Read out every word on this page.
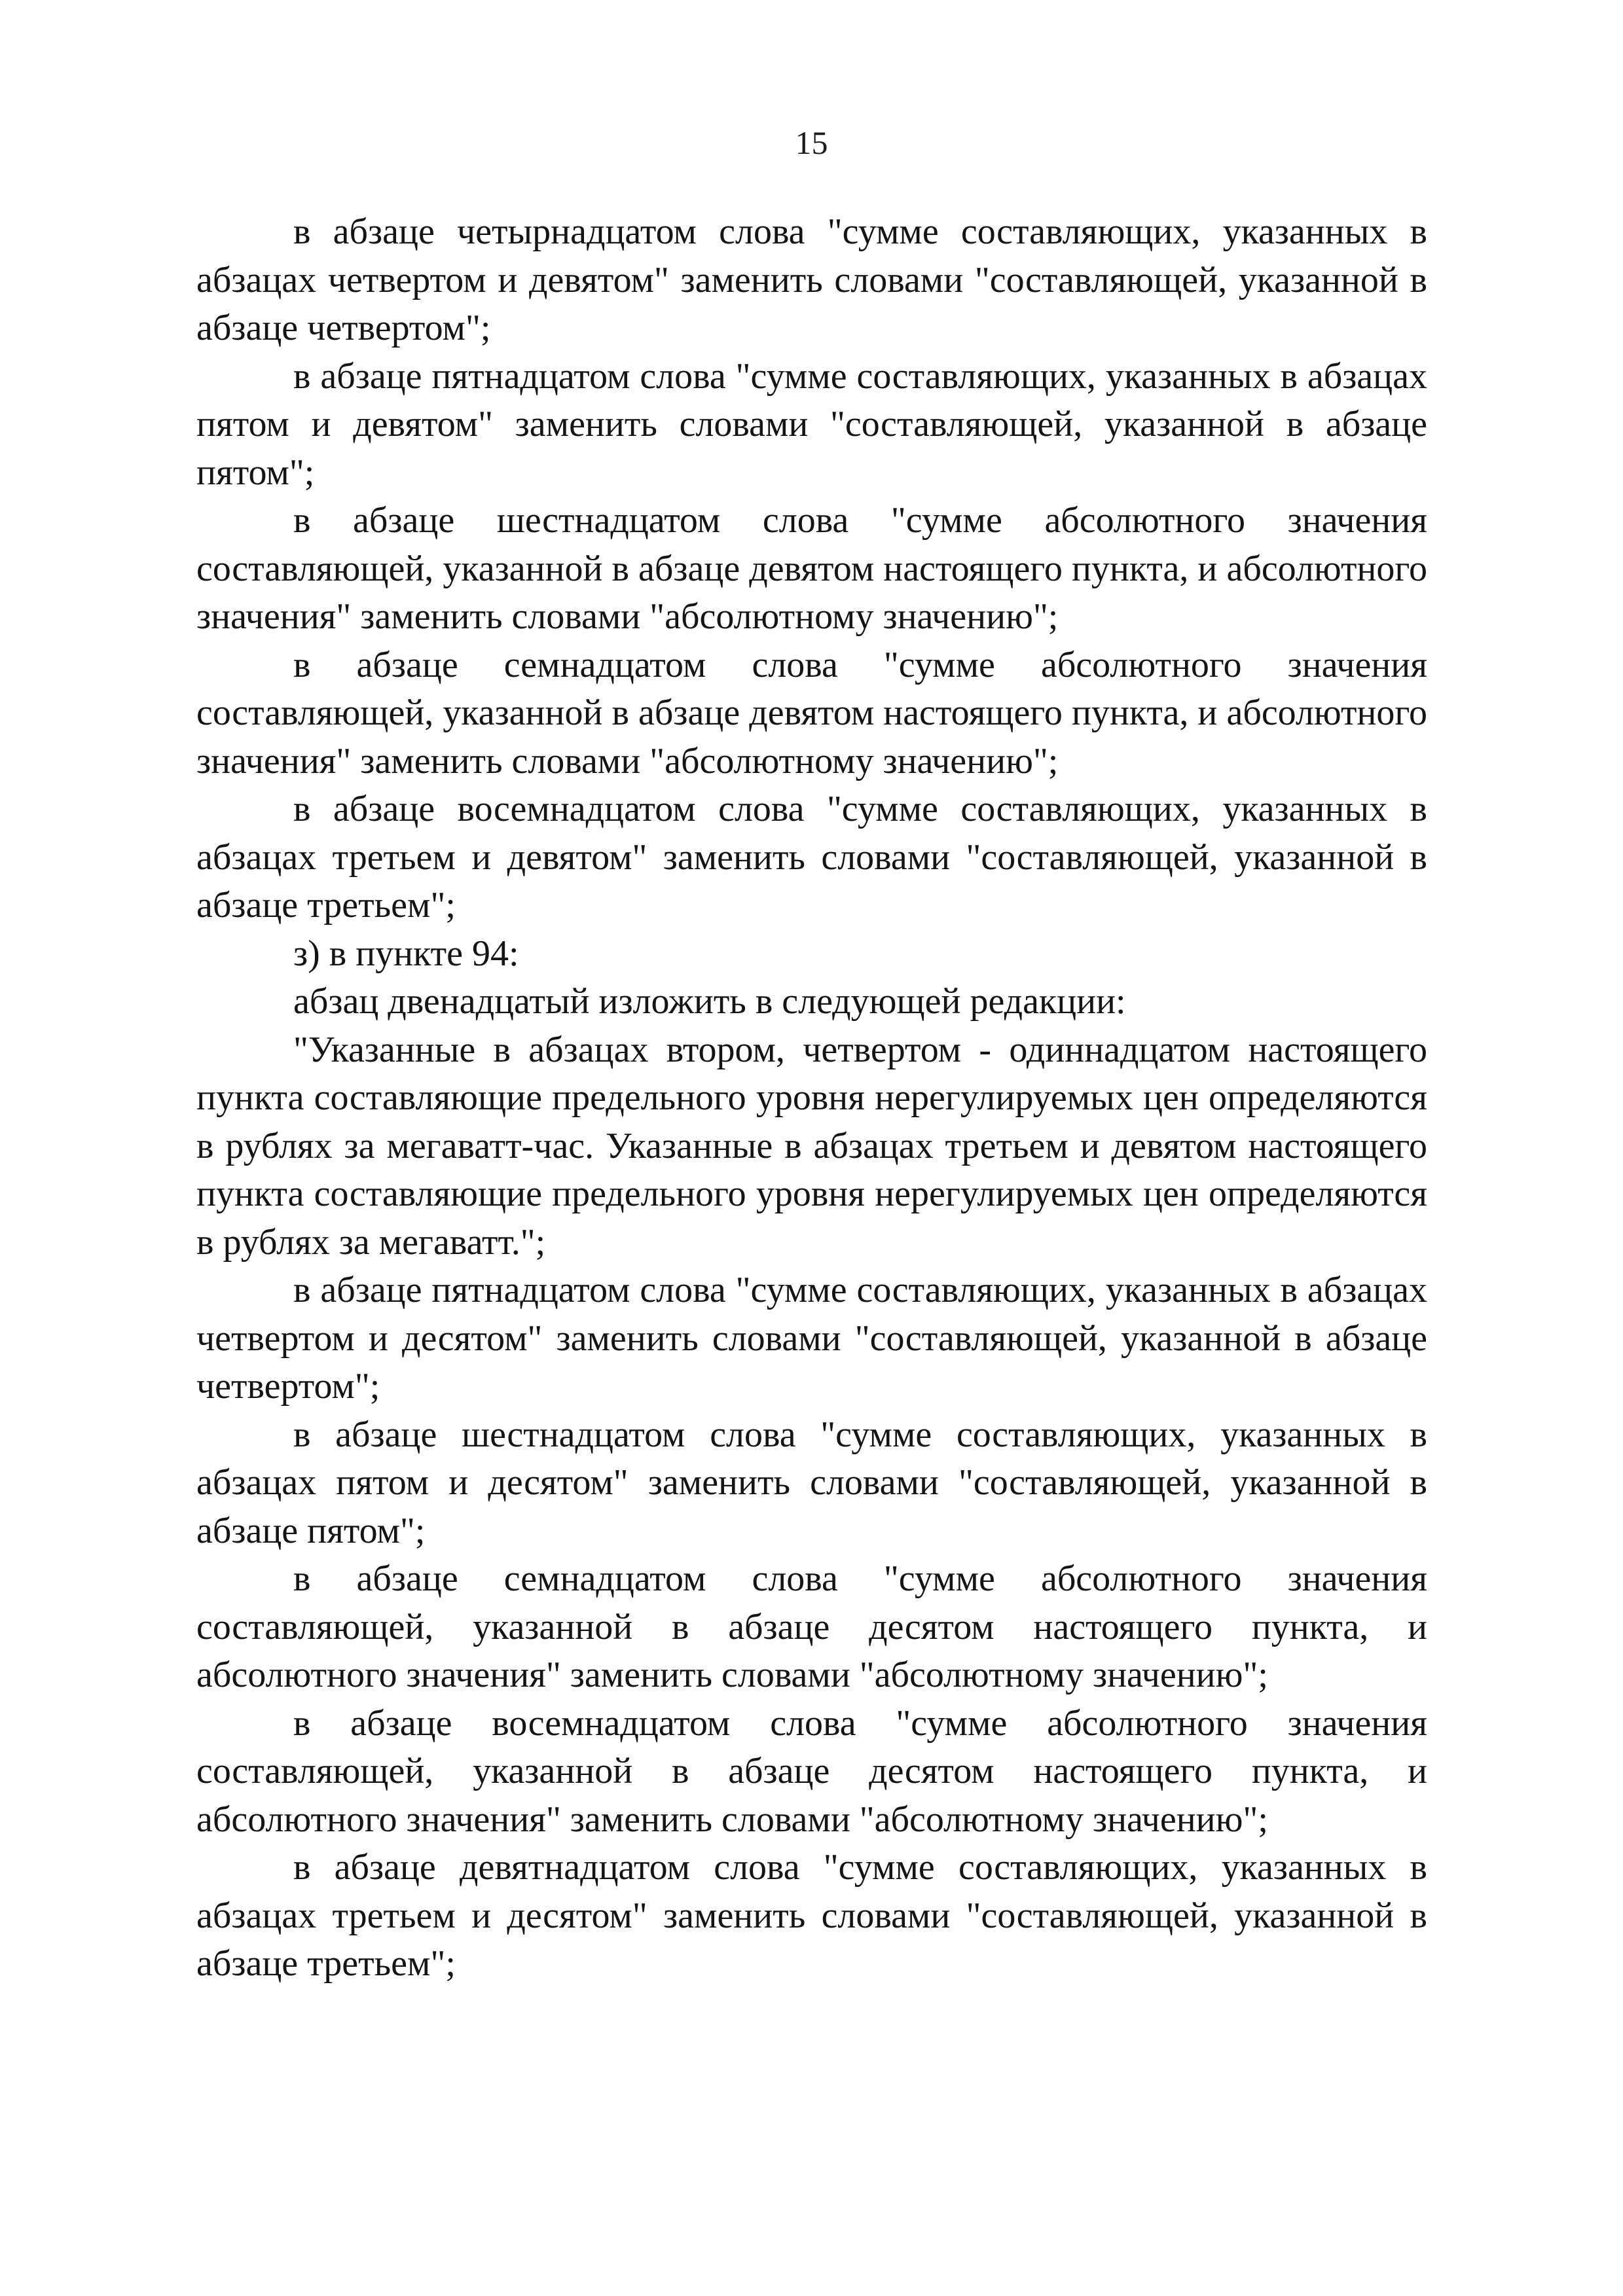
15

в абзаце четырнадцатом слова "сумме составляющих, указанных в абзацах четвертом и девятом" заменить словами "составляющей, указанной в абзаце четвертом";

в абзаце пятнадцатом слова "сумме составляющих, указанных в абзацах пятом и девятом" заменить словами "составляющей, указанной в абзаце пятом";

в абзаце шестнадцатом слова "сумме абсолютного значения составляющей, указанной в абзаце девятом настоящего пункта, и абсолютного значения" заменить словами "абсолютному значению";

в абзаце семнадцатом слова "сумме абсолютного значения составляющей, указанной в абзаце девятом настоящего пункта, и абсолютного значения" заменить словами "абсолютному значению";

в абзаце восемнадцатом слова "сумме составляющих, указанных в абзацах третьем и девятом" заменить словами "составляющей, указанной в абзаце третьем";

з) в пункте 94:

абзац двенадцатый изложить в следующей редакции:

"Указанные в абзацах втором, четвертом - одиннадцатом настоящего пункта составляющие предельного уровня нерегулируемых цен определяются в рублях за мегаватт-час. Указанные в абзацах третьем и девятом настоящего пункта составляющие предельного уровня нерегулируемых цен определяются в рублях за мегаватт.";

в абзаце пятнадцатом слова "сумме составляющих, указанных в абзацах четвертом и десятом" заменить словами "составляющей, указанной в абзаце четвертом";

в абзаце шестнадцатом слова "сумме составляющих, указанных в абзацах пятом и десятом" заменить словами "составляющей, указанной в абзаце пятом";

в абзаце семнадцатом слова "сумме абсолютного значения составляющей, указанной в абзаце десятом настоящего пункта, и абсолютного значения" заменить словами "абсолютному значению";

в абзаце восемнадцатом слова "сумме абсолютного значения составляющей, указанной в абзаце десятом настоящего пункта, и абсолютного значения" заменить словами "абсолютному значению";

в абзаце девятнадцатом слова "сумме составляющих, указанных в абзацах третьем и десятом" заменить словами "составляющей, указанной в абзаце третьем";
